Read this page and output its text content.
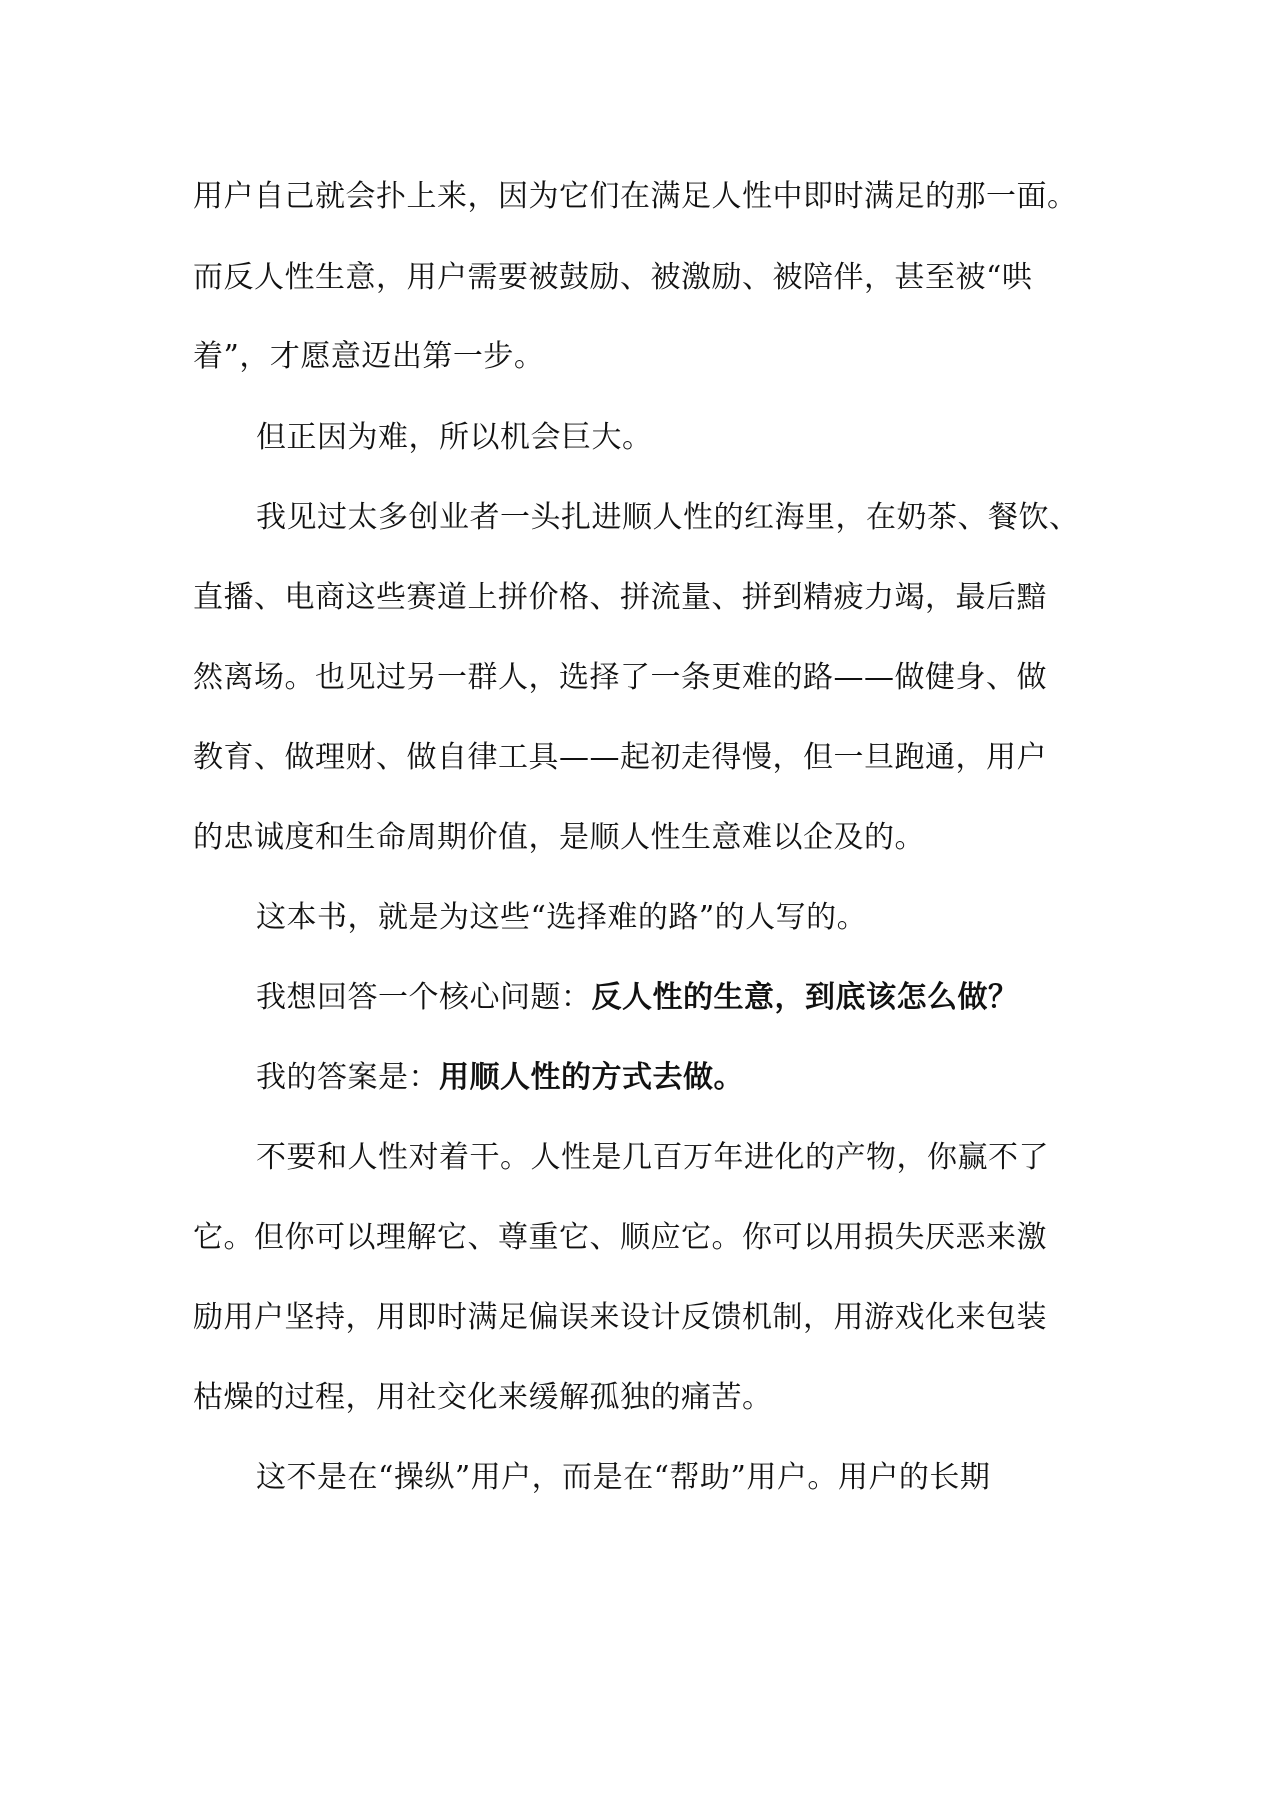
用户自己就会扑上来，因为它们在满足人性中即时满足的那一面。
而反人性生意，用户需要被鼓励、被激励、被陪伴，甚至被“哄
着”，才愿意迈出第一步。
但正因为难，所以机会巨大。
我见过太多创业者一头扎进顺人性的红海里，在奶茶、餐饮、
直播、电商这些赛道上拼价格、拼流量、拼到精疲力竭，最后黯
然离场。也见过另一群人，选择了一条更难的路——做健身、做
教育、做理财、做自律工具——起初走得慢，但一旦跑通，用户
的忠诚度和生命周期价值，是顺人性生意难以企及的。
这本书，就是为这些“选择难的路”的人写的。
我想回答一个核心问题：反人性的生意，到底该怎么做？
我的答案是：用顺人性的方式去做。
不要和人性对着干。人性是几百万年进化的产物，你赢不了
它。但你可以理解它、尊重它、顺应它。你可以用损失厌恶来激
励用户坚持，用即时满足偏误来设计反馈机制，用游戏化来包装
枯燥的过程，用社交化来缓解孤独的痛苦。
这不是在“操纵”用户，而是在“帮助”用户。用户的长期
